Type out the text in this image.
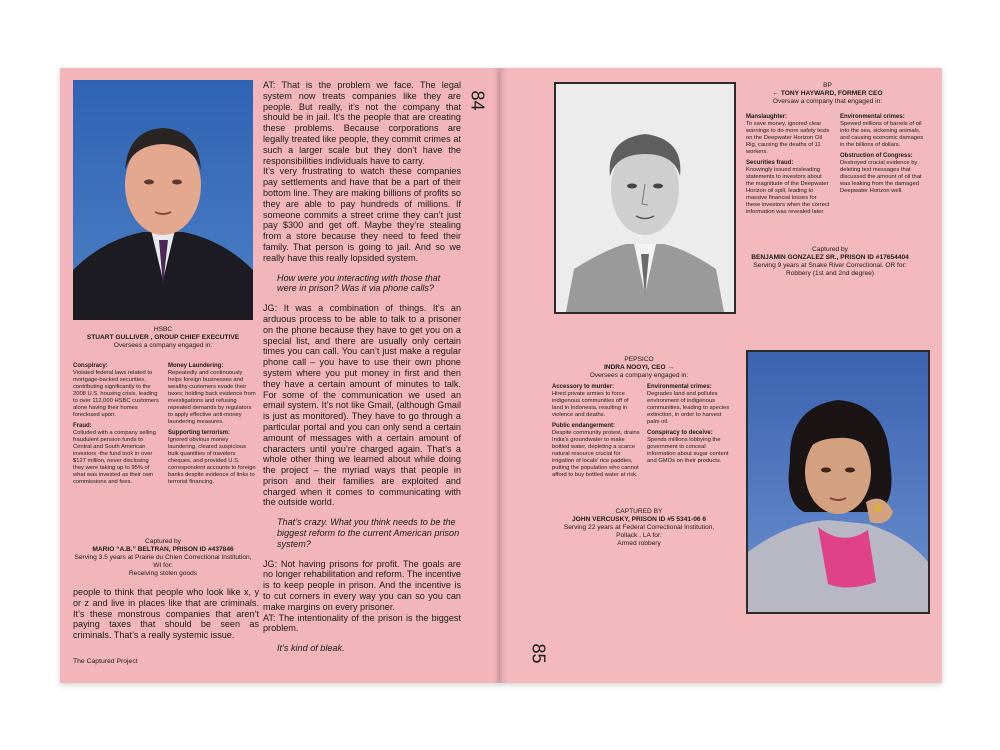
HSBC
STUART GULLIVER , GROUP CHIEF EXECUTIVE
Oversees a company engaged in:

Conspiracy:
Violated federal laws related to mortgage-backed securities, contributing significantly to the 2008 U.S. housing crisis, leading to over 112,000 HSBC customers alone having their homes foreclosed upon.

Fraud:
Colluded with a company selling fraudulent pension funds to Central and South American investors -the fund took in over $127 million, never disclosing they were taking up to 95% of what was invested as their own commissions and fees.

Money Laundering:
Repeatedly and continuously helps foreign businesses and wealthy customers evade their taxes; holding back evidence from investigations and refusing repeated demands by regulators to apply effective anti-money laundering measures.

Supporting terrorism:
Ignored obvious money laundering, cleared suspicious bulk quantities of travelers cheques, and provided U.S. correspondent accounts to foreign banks despite evidence of links to terrorist financing.

Captured by
MARIO “A.B.” BELTRAN, PRISON ID #437846
Serving 3.5 years at Prairie du Chien Correctional Institution,
WI for:
Receiving stolen goods

people to think that people who look like x, y or z and live in places like that are criminals. It’s these monstrous companies that aren’t paying taxes that should be seen as criminals. That’s a really systemic issue.

The Captured Project

AT: That is the problem we face. The legal system now treats companies like they are people. But really, it’s not the company that should be in jail. It’s the people that are creating these problems. Because corporations are legally treated like people, they commit crimes at such a larger scale but they don’t have the responsibilities individuals have to carry.

It’s very frustrating to watch these companies pay settlements and have that be a part of their bottom line. They are making billions of profits so they are able to pay hundreds of millions. If someone commits a street crime they can’t just pay $300 and get off. Maybe they’re stealing from a store because they need to feed their family. That person is going to jail. And so we really have this really lopsided system.

How were you interacting with those that were in prison? Was it via phone calls?

JG: It was a combination of things. It’s an arduous process to be able to talk to a prisoner on the phone because they have to get you on a special list, and there are usually only certain times you can call. You can’t just make a regular phone call – you have to use their own phone system where you put money in first and then they have a certain amount of minutes to talk. For some of the communication we used an email system. It’s not like Gmail, (although Gmail is just as monitored). They have to go through a particular portal and you can only send a certain amount of messages with a certain amount of characters until you’re charged again. That’s a whole other thing we learned about while doing the project – the myriad ways that people in prison and their families are exploited and charged when it comes to communicating with the outside world.

That’s crazy. What you think needs to be the biggest reform to the current American prison system?

JG: Not having prisons for profit. The goals are no longer rehabilitation and reform. The incentive is to keep people in prison. And the incentive is to cut corners in every way you can so you can make margins on every prisoner.

AT: The intentionality of the prison is the biggest problem.

It’s kind of bleak.

84
BP
← TONY HAYWARD, FORMER CEO
Oversaw a company that engaged in:

Manslaughter:
To save money, ignored clear warnings to do more safety tests on the Deepwater Horizon Oil Rig, causing the deaths of 11 workers.

Securities fraud:
Knowingly issued misleading statements to investors about the magnitude of the Deepwater Horizon oil spill, leading to massive financial losses for these investors when the correct information was revealed later.

Environmental crimes:
Spewed millions of barrels of oil into the sea, sickening animals, and causing economic damages in the billions of dollars.

Obstruction of Congress:
Destroyed crucial evidence by deleting text messages that discussed the amount of oil that was leaking from the damaged Deepwater Horizon well.

Captured by
BENJAMIN GONZALEZ SR., PRISON ID #17654404
Serving 9 years at Snake River Correctional. OR for:
Robbery (1st and 2nd degree)
PEPSICO
INDRA NOOYI, CEO →
Oversees a company engaged in:

Accessory to murder:
Hired private armies to force indigenous communities off of land in Indonesia, resulting in violence and deaths.

Public endangerment:
Despite community protest, drains India’s groundwater to make bottled water, depleting a scarce natural resource crucial for irrigation of locals’ rice paddies, putting the population who cannot afford to buy bottled water at risk.

Environmental crimes:
Degrades land and pollutes environment of indigenous communities, leading to species extinction, in order to harvest palm oil.

Conspiracy to deceive:
Spends millions lobbying the government to conceal information about sugar content and GMOs on their products.

CAPTURED BY
JOHN VERCUSKY, PRISON ID #5 5341-06 6
Serving 22 years at Federal Correctional Institution,
Pollack , LA for:
Armed robbery
85
